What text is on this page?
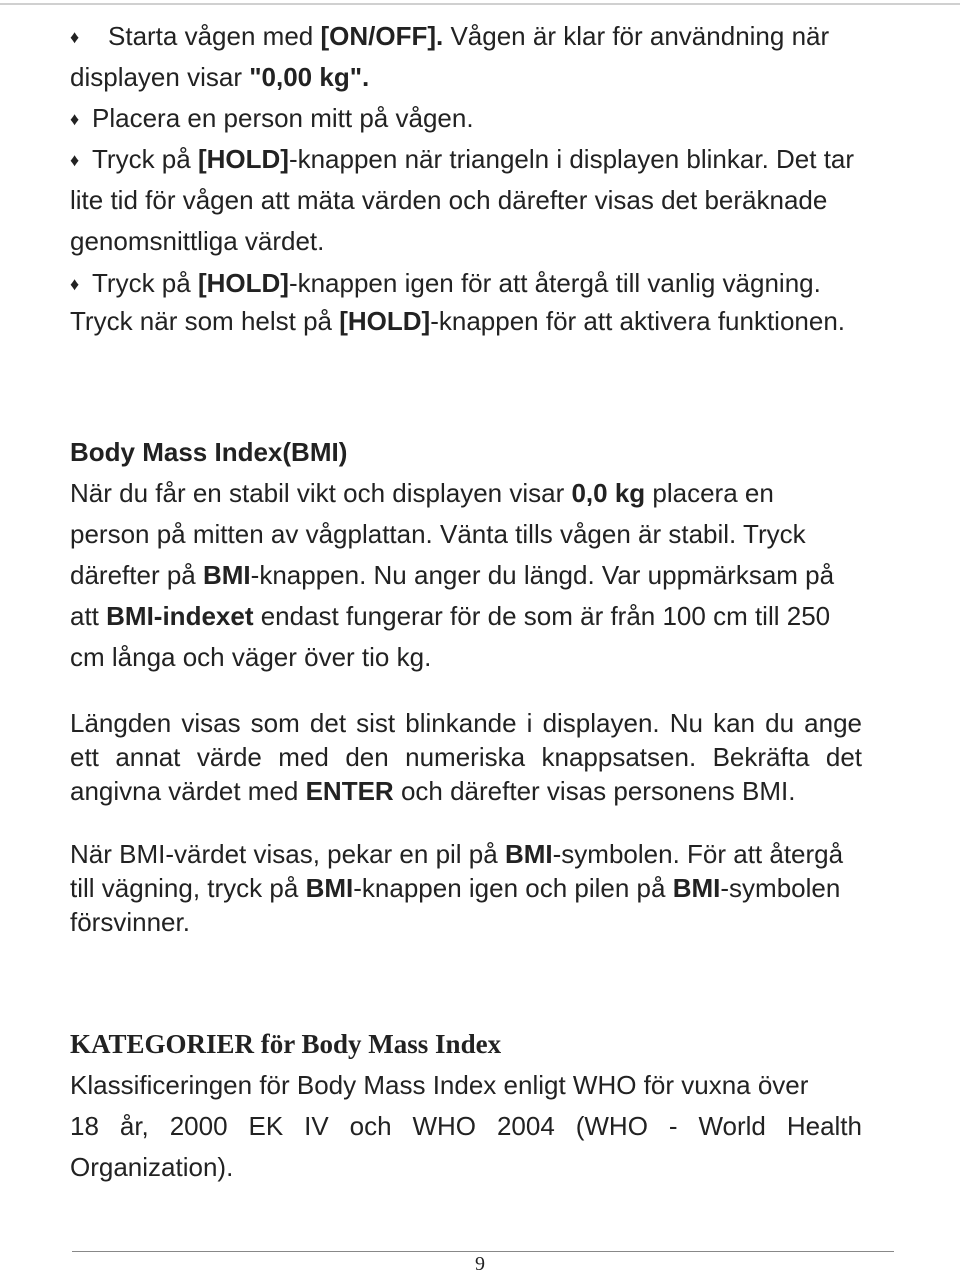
♦ Starta vågen med [ON/OFF]. Vågen är klar för användning när
displayen visar "0,00 kg".
♦ Placera en person mitt på vågen.
♦ Tryck på [HOLD]-knappen när triangeln i displayen blinkar. Det tar
lite tid för vågen att mäta värden och därefter visas det beräknade
genomsnittliga värdet.
♦ Tryck på [HOLD]-knappen igen för att återgå till vanlig vägning.
Tryck när som helst på [HOLD]-knappen för att aktivera funktionen.
Body Mass Index(BMI)
När du får en stabil vikt och displayen visar 0,0 kg placera en
person på mitten av vågplattan. Vänta tills vågen är stabil. Tryck
därefter på BMI-knappen. Nu anger du längd. Var uppmärksam på
att BMI-indexet endast fungerar för de som är från 100 cm till 250
cm långa och väger över tio kg.
Längden visas som det sist blinkande i displayen. Nu kan du ange
ett annat värde med den numeriska knappsatsen. Bekräfta det
angivna värdet med ENTER och därefter visas personens BMI.
När BMI-värdet visas, pekar en pil på BMI-symbolen. För att återgå
till vägning, tryck på BMI-knappen igen och pilen på BMI-symbolen
försvinner.
KATEGORIER för Body Mass Index
Klassificeringen för Body Mass Index enligt WHO för vuxna över
18 år, 2000 EK IV och WHO 2004 (WHO - World Health
Organization).
9
